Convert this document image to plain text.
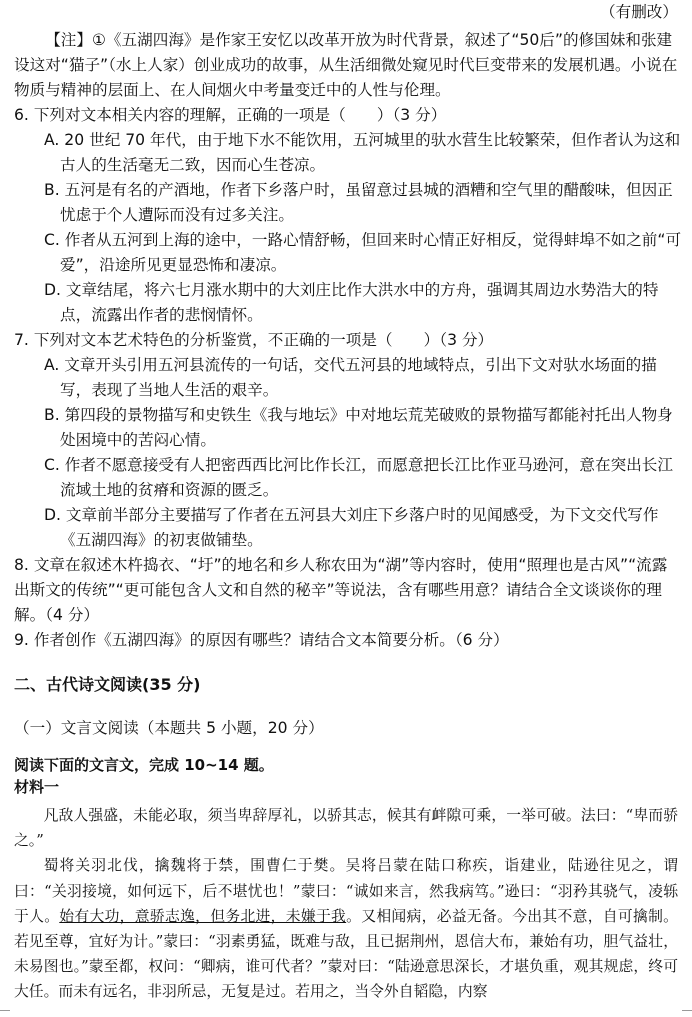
（有删改）

【注】①《五湖四海》是作家王安忆以改革开放为时代背景，叙述了“50后”的修国妹和张建设这对“猫子”（水上人家）创业成功的故事，从生活细微处窥见时代巨变带来的发展机遇。小说在物质与精神的层面上、在人间烟火中考量变迁中的人性与伦理。

6. 下列对文本相关内容的理解，正确的一项是（　　）（3 分）

A. 20 世纪 70 年代，由于地下水不能饮用，五河城里的驮水营生比较繁荣，但作者认为这和古人的生活毫无二致，因而心生苍凉。

B. 五河是有名的产酒地，作者下乡落户时，虽留意过县城的酒糟和空气里的醋酸味，但因正忧虑于个人遭际而没有过多关注。

C. 作者从五河到上海的途中，一路心情舒畅，但回来时心情正好相反，觉得蚌埠不如之前“可爱”，沿途所见更显恐怖和凄凉。

D. 文章结尾，将六七月涨水期中的大刘庄比作大洪水中的方舟，强调其周边水势浩大的特点，流露出作者的悲悯情怀。

7. 下列对文本艺术特色的分析鉴赏，不正确的一项是（　　）（3 分）

A. 文章开头引用五河县流传的一句话，交代五河县的地域特点，引出下文对驮水场面的描写，表现了当地人生活的艰辛。

B. 第四段的景物描写和史铁生《我与地坛》中对地坛荒芜破败的景物描写都能衬托出人物身处困境中的苦闷心情。

C. 作者不愿意接受有人把密西西比河比作长江，而愿意把长江比作亚马逊河，意在突出长江流域土地的贫瘠和资源的匮乏。

D. 文章前半部分主要描写了作者在五河县大刘庄下乡落户时的见闻感受，为下文交代写作《五湖四海》的初衷做铺垫。

8. 文章在叙述木杵捣衣、“圩”的地名和乡人称农田为“湖”等内容时，使用“照理也是古风”“流露出斯文的传统”“更可能包含人文和自然的秘辛”等说法，含有哪些用意？请结合全文谈谈你的理解。（4 分）

9. 作者创作《五湖四海》的原因有哪些？请结合文本简要分析。（6 分）

二、古代诗文阅读(35 分)
（一）文言文阅读（本题共 5 小题，20 分）
阅读下面的文言文，完成 10~14 题。
材料一

凡敌人强盛，未能必取，须当卑辞厚礼，以骄其志，候其有衅隙可乘，一举可破。法曰：“卑而骄之。”

蜀将关羽北伐，擒魏将于禁，围曹仁于樊。吴将吕蒙在陆口称疾，诣建业，陆逊往见之，谓曰：“关羽接境，如何远下，后不堪忧也！”蒙曰：“诚如来言，然我病笃。”逊曰：“羽矜其骁气，凌轹于人。始有大功，意骄志逸，但务北进，未嫌于我。又相闻病，必益无备。今出其不意，自可擒制。若见至尊，宜好为计。”蒙曰：“羽素勇猛，既难与敌，且已据荆州，恩信大布，兼始有功，胆气益壮，未易图也。”蒙至都，权问：“卿病，谁可代者？”蒙对曰：“陆逊意思深长，才堪负重，观其规虑，终可大任。而未有远名，非羽所忌，无复是过。若用之，当令外自韬隐，内察
